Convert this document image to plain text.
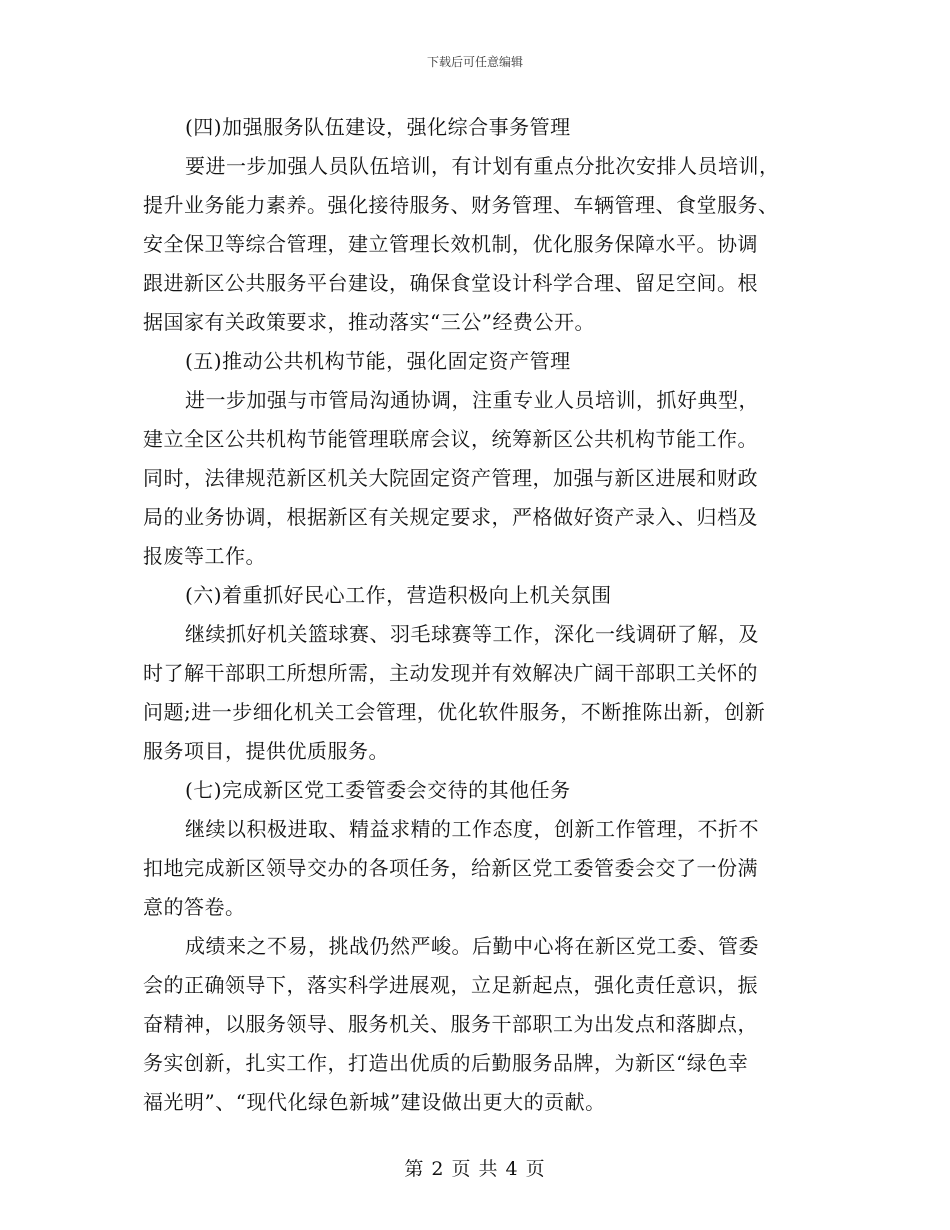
下载后可任意编辑
(四)加强服务队伍建设，强化综合事务管理
要进一步加强人员队伍培训，有计划有重点分批次安排人员培训，
提升业务能力素养。强化接待服务、财务管理、车辆管理、食堂服务、
安全保卫等综合管理，建立管理长效机制，优化服务保障水平。协调
跟进新区公共服务平台建设，确保食堂设计科学合理、留足空间。根
据国家有关政策要求，推动落实“三公”经费公开。
(五)推动公共机构节能，强化固定资产管理
进一步加强与市管局沟通协调，注重专业人员培训，抓好典型，
建立全区公共机构节能管理联席会议，统筹新区公共机构节能工作。
同时，法律规范新区机关大院固定资产管理，加强与新区进展和财政
局的业务协调，根据新区有关规定要求，严格做好资产录入、归档及
报废等工作。
(六)着重抓好民心工作，营造积极向上机关氛围
继续抓好机关篮球赛、羽毛球赛等工作，深化一线调研了解，及
时了解干部职工所想所需，主动发现并有效解决广阔干部职工关怀的
问题;进一步细化机关工会管理，优化软件服务，不断推陈出新，创新
服务项目，提供优质服务。
(七)完成新区党工委管委会交待的其他任务
继续以积极进取、精益求精的工作态度，创新工作管理，不折不
扣地完成新区领导交办的各项任务，给新区党工委管委会交了一份满
意的答卷。
成绩来之不易，挑战仍然严峻。后勤中心将在新区党工委、管委
会的正确领导下，落实科学进展观，立足新起点，强化责任意识，振
奋精神，以服务领导、服务机关、服务干部职工为出发点和落脚点，
务实创新，扎实工作，打造出优质的后勤服务品牌，为新区“绿色幸
福光明”、“现代化绿色新城”建设做出更大的贡献。
第 2 页 共 4 页
